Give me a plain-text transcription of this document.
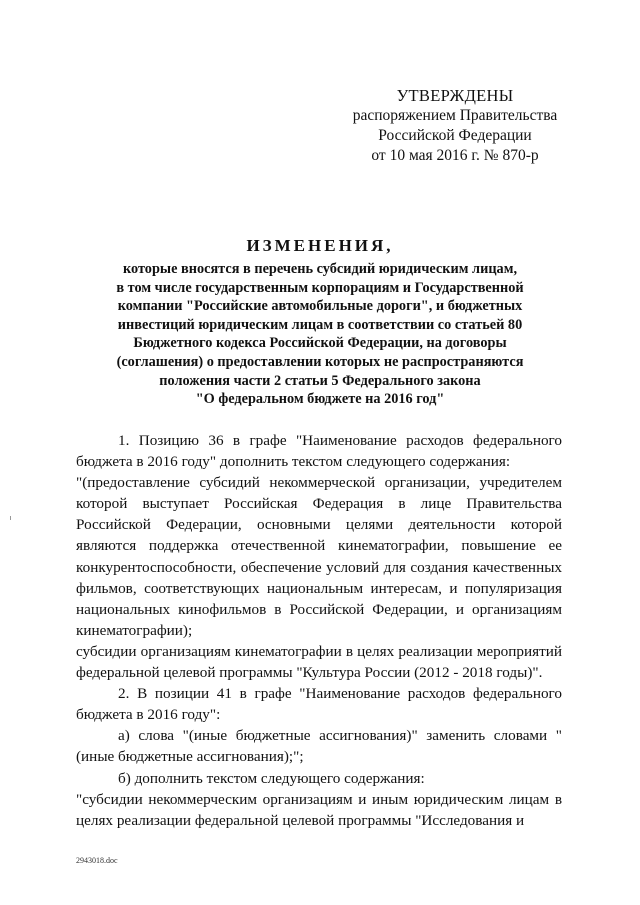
УТВЕРЖДЕНЫ
распоряжением Правительства
Российской Федерации
от 10 мая 2016 г. № 870-р
ИЗМЕНЕНИЯ,
которые вносятся в перечень субсидий юридическим лицам,
в том числе государственным корпорациям и Государственной
компании "Российские автомобильные дороги", и бюджетных
инвестиций юридическим лицам в соответствии со статьей 80
Бюджетного кодекса Российской Федерации, на договоры
(соглашения) о предоставлении которых не распространяются
положения части 2 статьи 5 Федерального закона
"О федеральном бюджете на 2016 год"
1. Позицию 36 в графе "Наименование расходов федерального бюджета в 2016 году" дополнить текстом следующего содержания:
"(предоставление субсидий некоммерческой организации, учредителем которой выступает Российская Федерация в лице Правительства Российской Федерации, основными целями деятельности которой являются поддержка отечественной кинематографии, повышение ее конкурентоспособности, обеспечение условий для создания качественных фильмов, соответствующих национальным интересам, и популяризация национальных кинофильмов в Российской Федерации, и организациям кинематографии);
субсидии организациям кинематографии в целях реализации мероприятий федеральной целевой программы "Культура России (2012 - 2018 годы)".
2. В позиции 41 в графе "Наименование расходов федерального бюджета в 2016 году":
а) слова "(иные бюджетные ассигнования)" заменить словами "(иные бюджетные ассигнования);";
б) дополнить текстом следующего содержания:
"субсидии некоммерческим организациям и иным юридическим лицам в целях реализации федеральной целевой программы "Исследования и
2943018.doc
